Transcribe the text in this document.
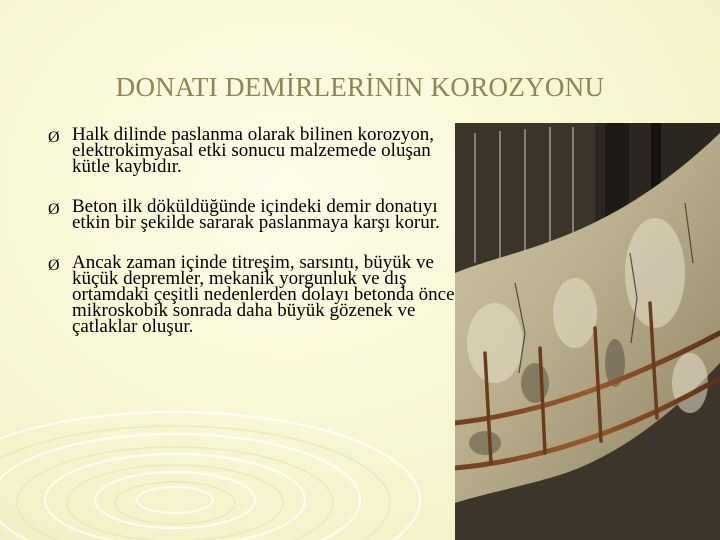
DONATI DEMİRLERİNİN KOROZYONU
Ø Halk dilinde paslanma olarak bilinen korozyon, elektrokimyasal etki sonucu malzemede oluşan kütle kaybıdır.
Ø Beton ilk döküldüğünde içindeki demir donatıyı etkin bir şekilde sararak paslanmaya karşı korur.
Ø Ancak zaman içinde titreşim, sarsıntı, büyük ve küçük depremler, mekanik yorgunluk ve dış ortamdaki çeşitli nedenlerden dolayı betonda önce mikroskobik sonrada daha büyük gözenek ve çatlaklar oluşur.
